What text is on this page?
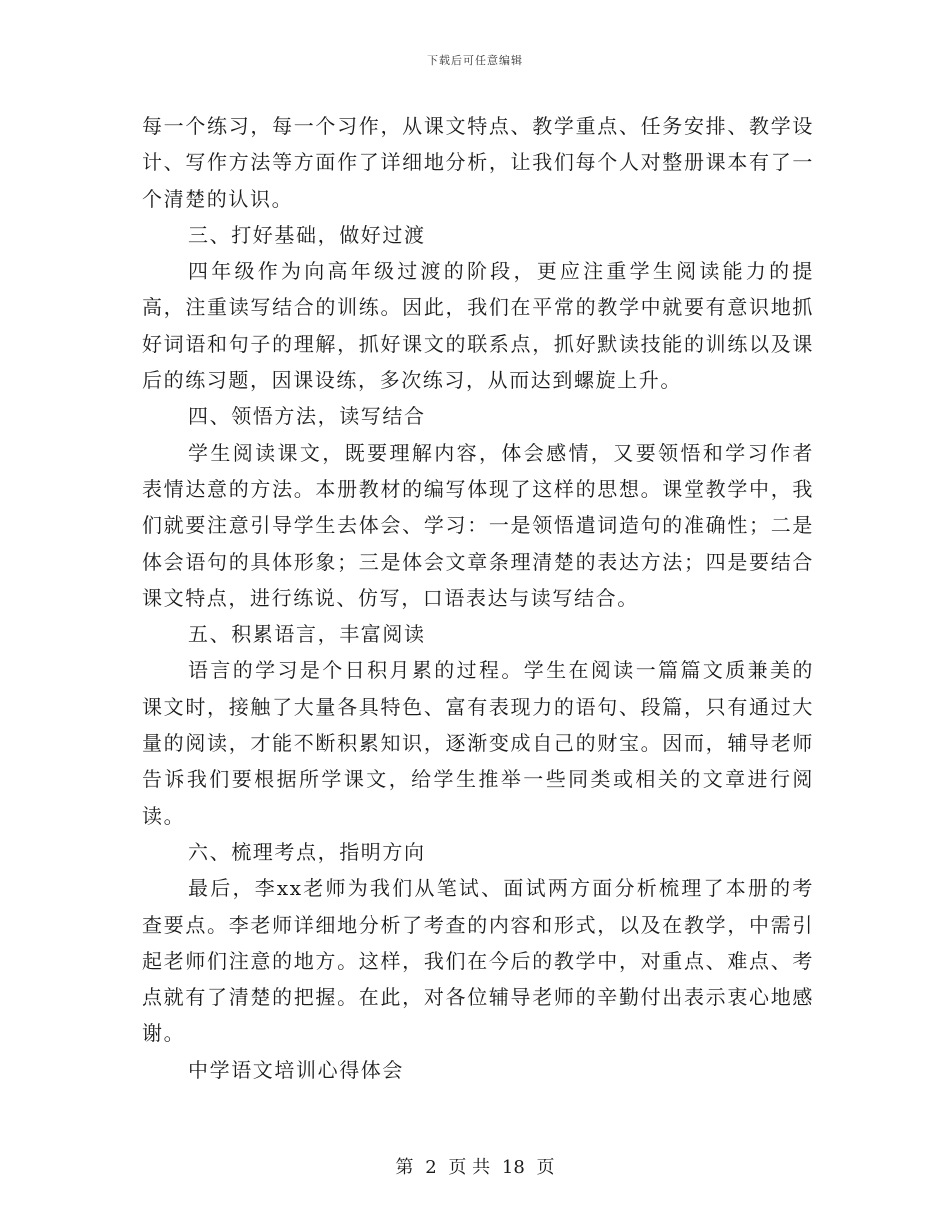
下载后可任意编辑

每一个练习，每一个习作，从课文特点、教学重点、任务安排、教学设计、写作方法等方面作了详细地分析，让我们每个人对整册课本有了一个清楚的认识。

三、打好基础，做好过渡

四年级作为向高年级过渡的阶段，更应注重学生阅读能力的提高，注重读写结合的训练。因此，我们在平常的教学中就要有意识地抓好词语和句子的理解，抓好课文的联系点，抓好默读技能的训练以及课后的练习题，因课设练，多次练习，从而达到螺旋上升。

四、领悟方法，读写结合

学生阅读课文，既要理解内容，体会感情，又要领悟和学习作者表情达意的方法。本册教材的编写体现了这样的思想。课堂教学中，我们就要注意引导学生去体会、学习：一是领悟遣词造句的准确性；二是体会语句的具体形象；三是体会文章条理清楚的表达方法；四是要结合课文特点，进行练说、仿写，口语表达与读写结合。

五、积累语言，丰富阅读

语言的学习是个日积月累的过程。学生在阅读一篇篇文质兼美的课文时，接触了大量各具特色、富有表现力的语句、段篇，只有通过大量的阅读，才能不断积累知识，逐渐变成自己的财宝。因而，辅导老师告诉我们要根据所学课文，给学生推举一些同类或相关的文章进行阅读。

六、梳理考点，指明方向

最后，李xx老师为我们从笔试、面试两方面分析梳理了本册的考查要点。李老师详细地分析了考查的内容和形式，以及在教学，中需引起老师们注意的地方。这样，我们在今后的教学中，对重点、难点、考点就有了清楚的把握。在此，对各位辅导老师的辛勤付出表示衷心地感谢。

中学语文培训心得体会

第 2 页 共 18 页
